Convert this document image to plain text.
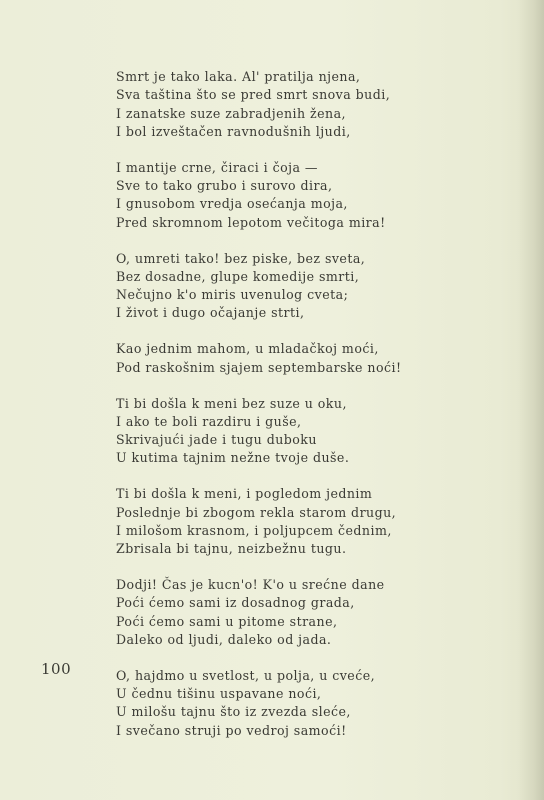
Smrt je tako laka. Al' pratilja njena,
Sva taština što se pred smrt snova budi,
I zanatske suze zabradjenih žena,
I bol izveštačen ravnodušnih ljudi,
I mantije crne, čiraci i čoja —
Sve to tako grubo i surovo dira,
I gnusobom vredja osećanja moja,
Pred skromnom lepotom večitoga mira!
O, umreti tako! bez piske, bez sveta,
Bez dosadne, glupe komedije smrti,
Nečujno k'o miris uvenulog cveta;
I život i dugo očajanje strti,
Kao jednim mahom, u mladačkoj moći,
Pod raskošnim sjajem septembarske noći!
Ti bi došla k meni bez suze u oku,
I ako te boli razdiru i guše,
Skrivajući jade i tugu duboku
U kutima tajnim nežne tvoje duše.
Ti bi došla k meni, i pogledom jednim
Poslednje bi zbogom rekla starom drugu,
I milošom krasnom, i poljupcem čednim,
Zbrisala bi tajnu, neizbežnu tugu.
Dodji! Čas je kucn'o! K'o u srećne dane
Poći ćemo sami iz dosadnog grada,
Poći ćemo sami u pitome strane,
Daleko od ljudi, daleko od jada.
O, hajdmo u svetlost, u polja, u cveće,
U čednu tišinu uspavane noći,
U milošu tajnu što iz zvezda sleće,
I svečano struji po vedroj samoći!
100
